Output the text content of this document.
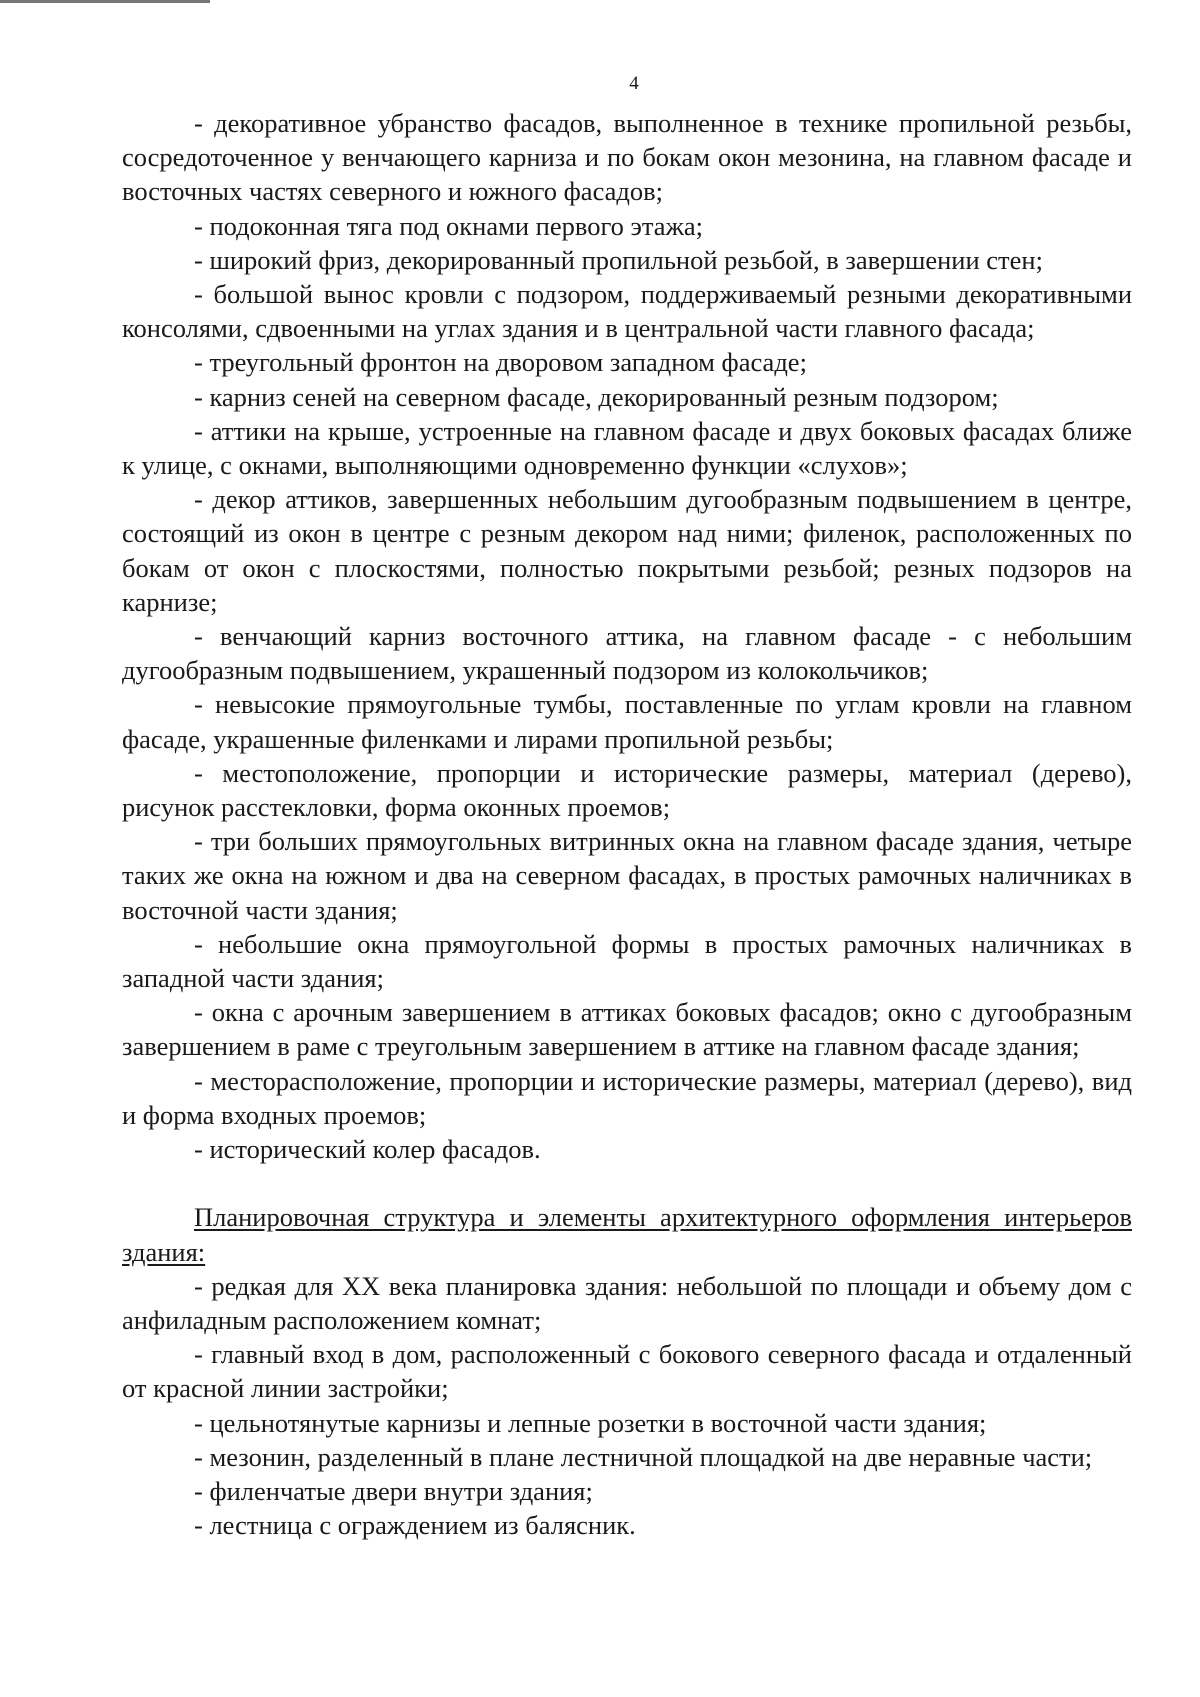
4

- декоративное убранство фасадов, выполненное в технике пропильной резьбы, сосредоточенное у венчающего карниза и по бокам окон мезонина, на главном фасаде и восточных частях северного и южного фасадов;

- подоконная тяга под окнами первого этажа;

- широкий фриз, декорированный пропильной резьбой, в завершении стен;

- большой вынос кровли с подзором, поддерживаемый резными декоративными консолями, сдвоенными на углах здания и в центральной части главного фасада;

- треугольный фронтон на дворовом западном фасаде;

- карниз сеней на северном фасаде, декорированный резным подзором;

- аттики на крыше, устроенные на главном фасаде и двух боковых фасадах ближе к улице, с окнами, выполняющими одновременно функции «слухов»;

- декор аттиков, завершенных небольшим дугообразным подвышением в центре, состоящий из окон в центре с резным декором над ними; филенок, расположенных по бокам от окон с плоскостями, полностью покрытыми резьбой; резных подзоров на карнизе;

- венчающий карниз восточного аттика, на главном фасаде - с небольшим дугообразным подвышением, украшенный подзором из колокольчиков;

- невысокие прямоугольные тумбы, поставленные по углам кровли на главном фасаде, украшенные филенками и лирами пропильной резьбы;

- местоположение, пропорции и исторические размеры, материал (дерево), рисунок расстекловки, форма оконных проемов;

- три больших прямоугольных витринных окна на главном фасаде здания, четыре таких же окна на южном и два на северном фасадах, в простых рамочных наличниках в восточной части здания;

- небольшие окна прямоугольной формы в простых рамочных наличниках в западной части здания;

- окна с арочным завершением в аттиках боковых фасадов; окно с дугообразным завершением в раме с треугольным завершением в аттике на главном фасаде здания;

- месторасположение, пропорции и исторические размеры, материал (дерево), вид и форма входных проемов;

- исторический колер фасадов.

Планировочная структура и элементы архитектурного оформления интерьеров здания:

- редкая для XX века планировка здания: небольшой по площади и объему дом с анфиладным расположением комнат;

- главный вход в дом, расположенный с бокового северного фасада и отдаленный от красной линии застройки;

- цельнотянутые карнизы и лепные розетки в восточной части здания;

- мезонин, разделенный в плане лестничной площадкой на две неравные части;

- филенчатые двери внутри здания;

- лестница с ограждением из балясник.
